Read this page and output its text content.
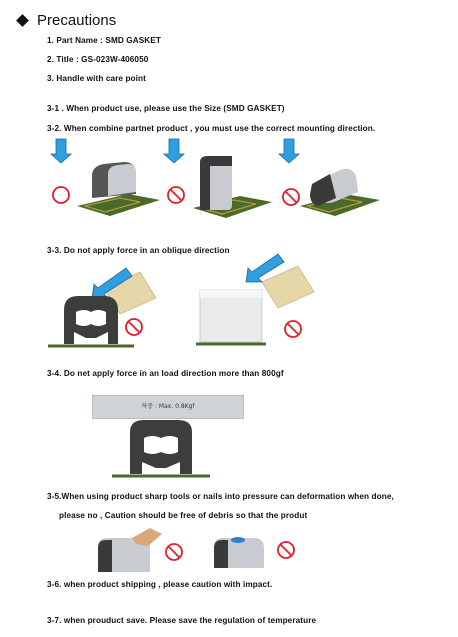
Precautions
1. Part Name : SMD GASKET
2. Title : GS-023W-406050
3. Handle with care point
3-1 . When product use, please use the Size (SMD GASKET)
3-2. When combine partnet product , you must use the correct mounting direction.
3-3. Do not apply force in an oblique direction
3-4. Do net apply force in an load direction more than 800gf
하중 : Max. 0.8Kgf
3-5.When using product sharp tools or nails into pressure can deformation when done,
please no , Caution should be free of debris so that the produt
3-6. when product shipping , please caution with impact.
3-7. when prouduct save. Please save the regulation of temperature
